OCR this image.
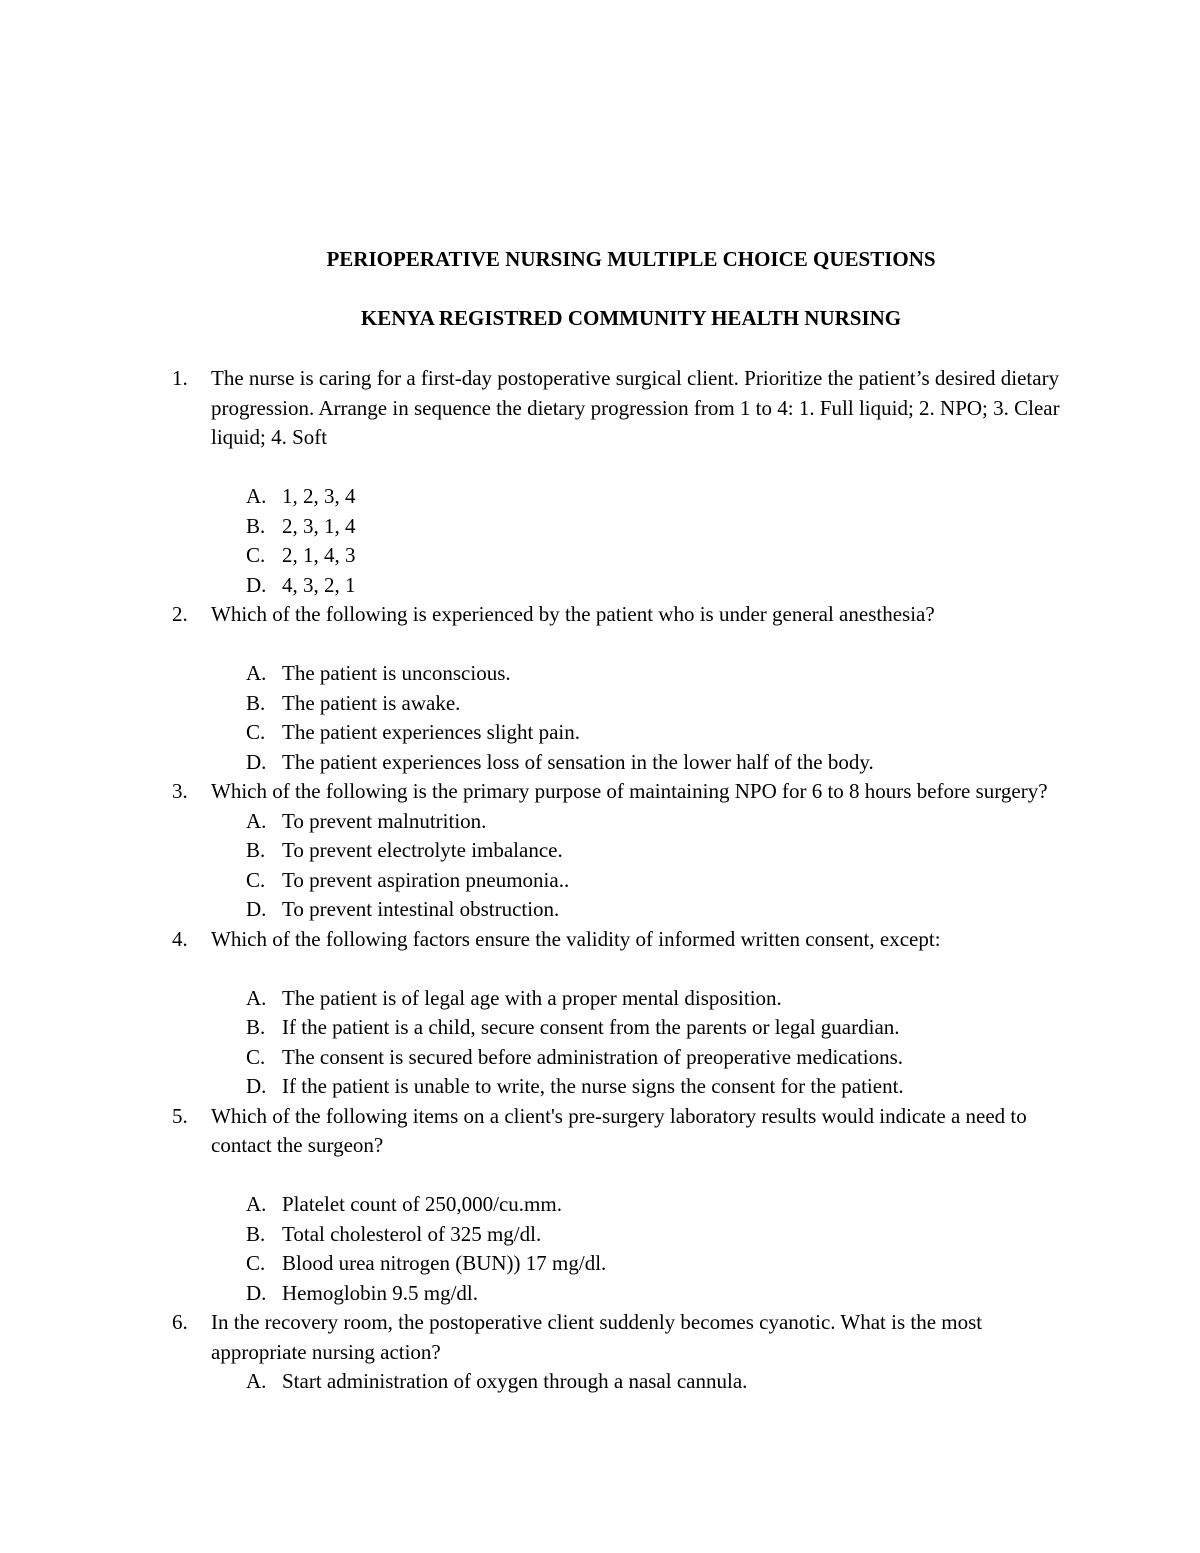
PERIOPERATIVE NURSING MULTIPLE CHOICE QUESTIONS
KENYA REGISTRED COMMUNITY HEALTH NURSING
1. The nurse is caring for a first-day postoperative surgical client. Prioritize the patient’s desired dietary progression. Arrange in sequence the dietary progression from 1 to 4: 1. Full liquid; 2. NPO; 3. Clear liquid; 4. Soft
A. 1, 2, 3, 4
B. 2, 3, 1, 4
C. 2, 1, 4, 3
D. 4, 3, 2, 1
2. Which of the following is experienced by the patient who is under general anesthesia?
A. The patient is unconscious.
B. The patient is awake.
C. The patient experiences slight pain.
D. The patient experiences loss of sensation in the lower half of the body.
3. Which of the following is the primary purpose of maintaining NPO for 6 to 8 hours before surgery?
A. To prevent malnutrition.
B. To prevent electrolyte imbalance.
C. To prevent aspiration pneumonia..
D. To prevent intestinal obstruction.
4. Which of the following factors ensure the validity of informed written consent, except:
A. The patient is of legal age with a proper mental disposition.
B. If the patient is a child, secure consent from the parents or legal guardian.
C. The consent is secured before administration of preoperative medications.
D. If the patient is unable to write, the nurse signs the consent for the patient.
5. Which of the following items on a client's pre-surgery laboratory results would indicate a need to contact the surgeon?
A. Platelet count of 250,000/cu.mm.
B. Total cholesterol of 325 mg/dl.
C. Blood urea nitrogen (BUN)) 17 mg/dl.
D. Hemoglobin 9.5 mg/dl.
6. In the recovery room, the postoperative client suddenly becomes cyanotic. What is the most appropriate nursing action?
A. Start administration of oxygen through a nasal cannula.
